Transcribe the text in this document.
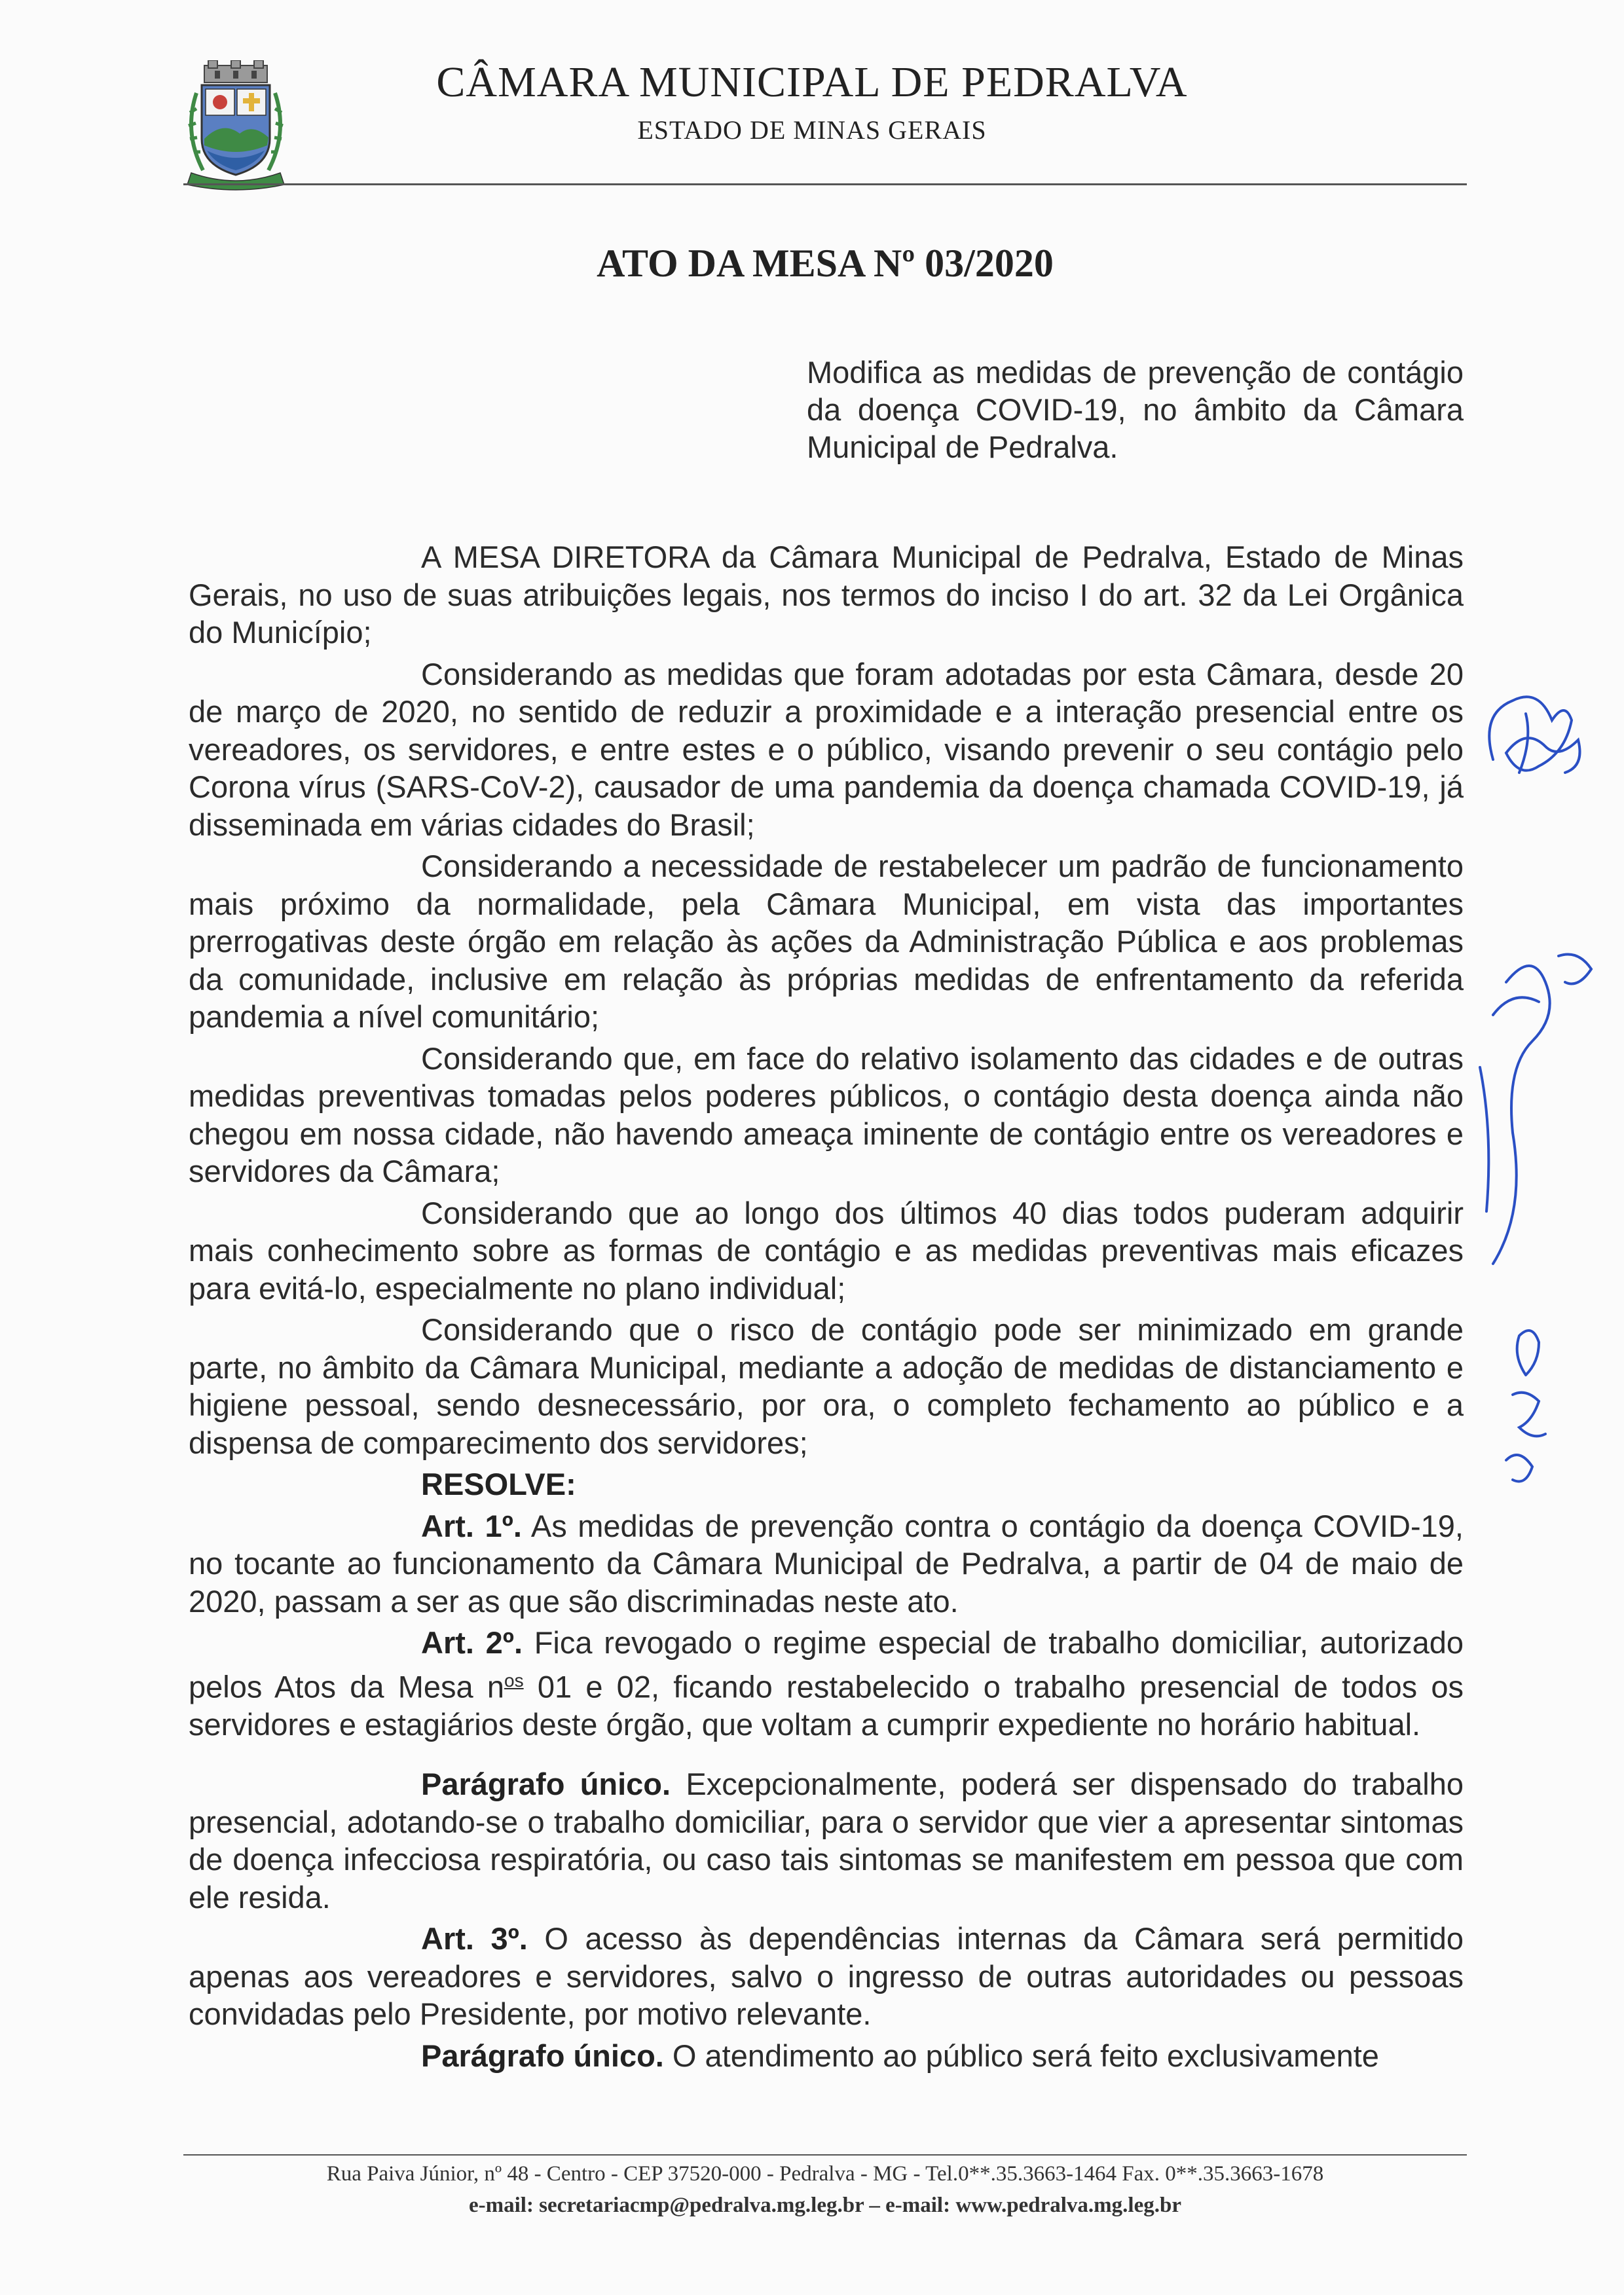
CÂMARA MUNICIPAL DE PEDRALVA
ESTADO DE MINAS GERAIS
ATO DA MESA Nº 03/2020
Modifica as medidas de prevenção de contágio da doença COVID-19, no âmbito da Câmara Municipal de Pedralva.

A MESA DIRETORA da Câmara Municipal de Pedralva, Estado de Minas Gerais, no uso de suas atribuições legais, nos termos do inciso I do art. 32 da Lei Orgânica do Município;

Considerando as medidas que foram adotadas por esta Câmara, desde 20 de março de 2020, no sentido de reduzir a proximidade e a interação presencial entre os vereadores, os servidores, e entre estes e o público, visando prevenir o seu contágio pelo Corona vírus (SARS-CoV-2), causador de uma pandemia da doença chamada COVID-19, já disseminada em várias cidades do Brasil;

Considerando a necessidade de restabelecer um padrão de funcionamento mais próximo da normalidade, pela Câmara Municipal, em vista das importantes prerrogativas deste órgão em relação às ações da Administração Pública e aos problemas da comunidade, inclusive em relação às próprias medidas de enfrentamento da referida pandemia a nível comunitário;

Considerando que, em face do relativo isolamento das cidades e de outras medidas preventivas tomadas pelos poderes públicos, o contágio desta doença ainda não chegou em nossa cidade, não havendo ameaça iminente de contágio entre os vereadores e servidores da Câmara;

Considerando que ao longo dos últimos 40 dias todos puderam adquirir mais conhecimento sobre as formas de contágio e as medidas preventivas mais eficazes para evitá-lo, especialmente no plano individual;

Considerando que o risco de contágio pode ser minimizado em grande parte, no âmbito da Câmara Municipal, mediante a adoção de medidas de distanciamento e higiene pessoal, sendo desnecessário, por ora, o completo fechamento ao público e a dispensa de comparecimento dos servidores;

RESOLVE:

Art. 1º. As medidas de prevenção contra o contágio da doença COVID-19, no tocante ao funcionamento da Câmara Municipal de Pedralva, a partir de 04 de maio de 2020, passam a ser as que são discriminadas neste ato.

Art. 2º. Fica revogado o regime especial de trabalho domiciliar, autorizado pelos Atos da Mesa $n^{os}$ 01 e 02, ficando restabelecido o trabalho presencial de todos os servidores e estagiários deste órgão, que voltam a cumprir expediente no horário habitual.

Parágrafo único. Excepcionalmente, poderá ser dispensado do trabalho presencial, adotando-se o trabalho domiciliar, para o servidor que vier a apresentar sintomas de doença infecciosa respiratória, ou caso tais sintomas se manifestem em pessoa que com ele resida.

Art. 3º. O acesso às dependências internas da Câmara será permitido apenas aos vereadores e servidores, salvo o ingresso de outras autoridades ou pessoas convidadas pelo Presidente, por motivo relevante.

Parágrafo único. O atendimento ao público será feito exclusivamente

Rua Paiva Júnior, nº 48 - Centro - CEP 37520-000 - Pedralva - MG - Tel.0**.35.3663-1464 Fax. 0**.35.3663-1678
e-mail: secretariacmp@pedralva.mg.leg.br – e-mail: www.pedralva.mg.leg.br
